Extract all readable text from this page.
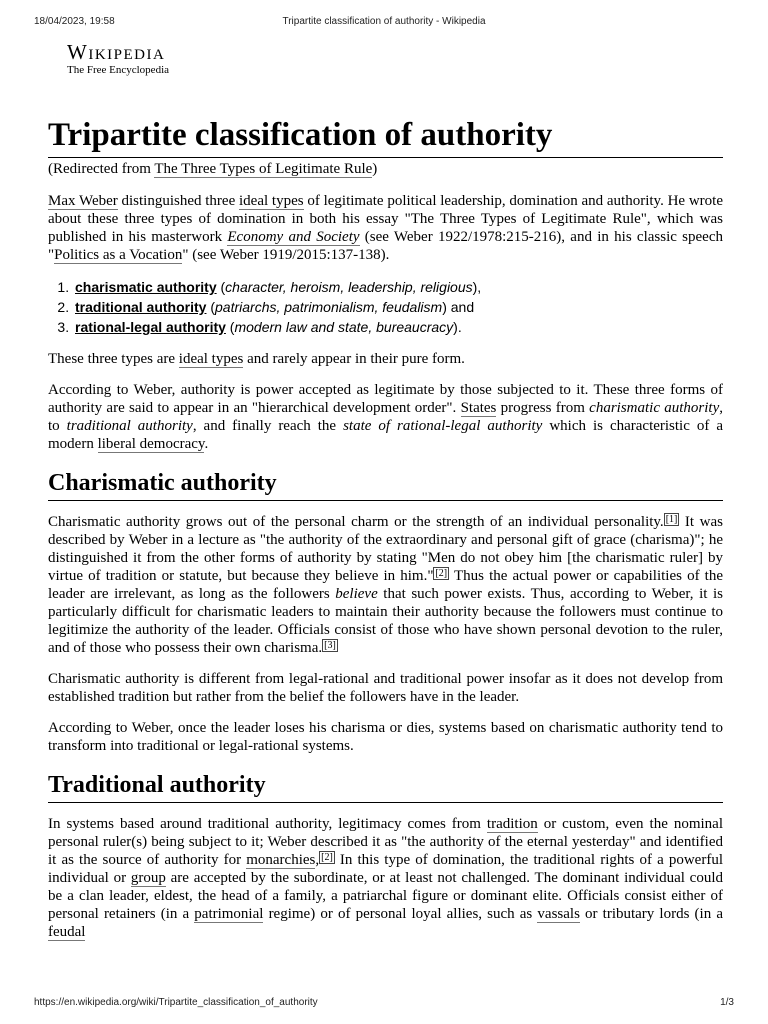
18/04/2023, 19:58	Tripartite classification of authority - Wikipedia
Wikipedia
The Free Encyclopedia
Tripartite classification of authority
(Redirected from The Three Types of Legitimate Rule)

Max Weber distinguished three ideal types of legitimate political leadership, domination and authority. He wrote about these three types of domination in both his essay "The Three Types of Legitimate Rule", which was published in his masterwork Economy and Society (see Weber 1922/1978:215-216), and in his classic speech "Politics as a Vocation" (see Weber 1919/2015:137-138).

1. charismatic authority (character, heroism, leadership, religious),
2. traditional authority (patriarchs, patrimonialism, feudalism) and
3. rational-legal authority (modern law and state, bureaucracy).

These three types are ideal types and rarely appear in their pure form.

According to Weber, authority is power accepted as legitimate by those subjected to it. These three forms of authority are said to appear in an "hierarchical development order". States progress from charismatic authority, to traditional authority, and finally reach the state of rational-legal authority which is characteristic of a modern liberal democracy.

Charismatic authority

Charismatic authority grows out of the personal charm or the strength of an individual personality. [1] It was described by Weber in a lecture as "the authority of the extraordinary and personal gift of grace (charisma)"; he distinguished it from the other forms of authority by stating "Men do not obey him [the charismatic ruler] by virtue of tradition or statute, but because they believe in him." [2] Thus the actual power or capabilities of the leader are irrelevant, as long as the followers believe that such power exists. Thus, according to Weber, it is particularly difficult for charismatic leaders to maintain their authority because the followers must continue to legitimize the authority of the leader. Officials consist of those who have shown personal devotion to the ruler, and of those who possess their own charisma. [3]

Charismatic authority is different from legal-rational and traditional power insofar as it does not develop from established tradition but rather from the belief the followers have in the leader.

According to Weber, once the leader loses his charisma or dies, systems based on charismatic authority tend to transform into traditional or legal-rational systems.

Traditional authority

In systems based around traditional authority, legitimacy comes from tradition or custom, even the nominal personal ruler(s) being subject to it; Weber described it as "the authority of the eternal yesterday" and identified it as the source of authority for monarchies, [2] In this type of domination, the traditional rights of a powerful individual or group are accepted by the subordinate, or at least not challenged. The dominant individual could be a clan leader, eldest, the head of a family, a patriarchal figure or dominant elite. Officials consist either of personal retainers (in a patrimonial regime) or of personal loyal allies, such as vassals or tributary lords (in a feudal

https://en.wikipedia.org/wiki/Tripartite_classification_of_authority	1/3
